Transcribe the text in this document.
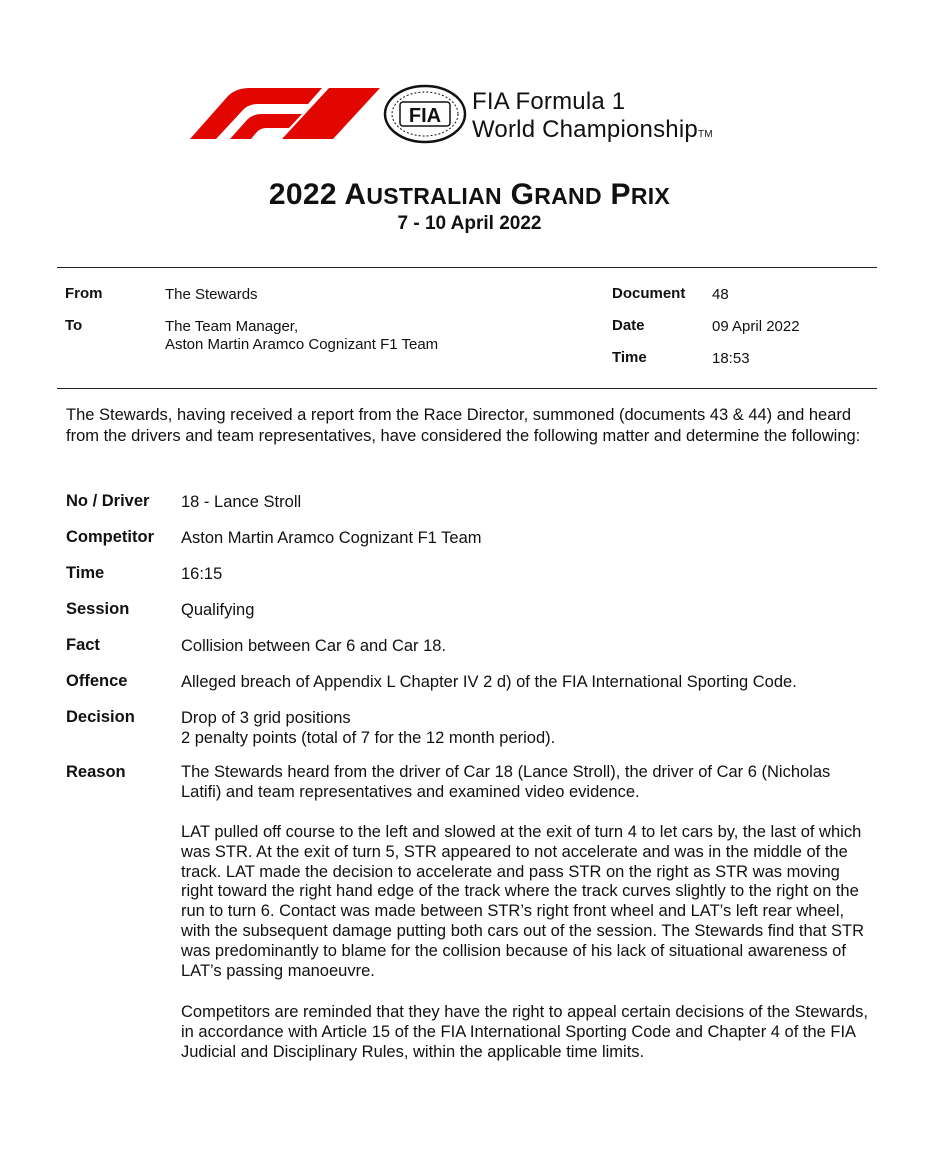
FIA
FIA Formula 1
World ChampionshipTM
2022 AUSTRALIAN GRAND PRIX
7 - 10 April 2022
From	The Stewards
To	The Team Manager,
Aston Martin Aramco Cognizant F1 Team
Document 48
Date	09 April 2022
Time	18:53
The Stewards, having received a report from the Race Director, summoned (documents 43 & 44) and heard from the drivers and team representatives, have considered the following matter and determine the following:
No / Driver 18 - Lance Stroll
Competitor Aston Martin Aramco Cognizant F1 Team
Time	16:15
Session	Qualifying
Fact	Collision between Car 6 and Car 18.
Offence	Alleged breach of Appendix L Chapter IV 2 d) of the FIA International Sporting Code.
Decision	Drop of 3 grid positions
2 penalty points (total of 7 for the 12 month period).
Reason	The Stewards heard from the driver of Car 18 (Lance Stroll), the driver of Car 6 (Nicholas Latifi) and team representatives and examined video evidence.
LAT pulled off course to the left and slowed at the exit of turn 4 to let cars by, the last of which was STR. At the exit of turn 5, STR appeared to not accelerate and was in the middle of the track. LAT made the decision to accelerate and pass STR on the right as STR was moving right toward the right hand edge of the track where the track curves slightly to the right on the run to turn 6. Contact was made between STR’s right front wheel and LAT’s left rear wheel, with the subsequent damage putting both cars out of the session. The Stewards find that STR was predominantly to blame for the collision because of his lack of situational awareness of LAT’s passing manoeuvre.
Competitors are reminded that they have the right to appeal certain decisions of the Stewards, in accordance with Article 15 of the FIA International Sporting Code and Chapter 4 of the FIA Judicial and Disciplinary Rules, within the applicable time limits.
